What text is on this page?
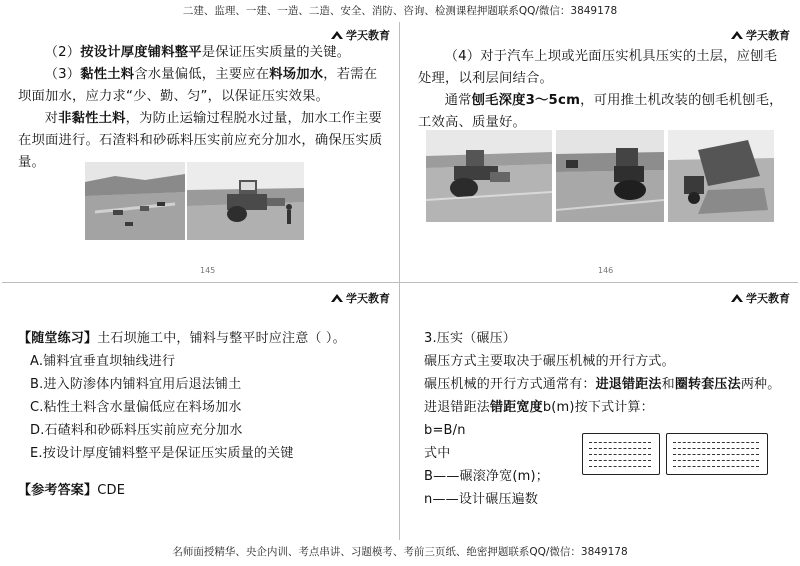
二建、监理、一建、一造、二造、安全、消防、咨询、检测课程押题联系QQ/微信：3849178
学天教育

（2）按设计厚度铺料整平是保证压实质量的关键。

（3）黏性土料含水量偏低，主要应在料场加水，若需在坝面加水，应力求“少、勤、匀”，以保证压实效果。

对非黏性土料，为防止运输过程脱水过量，加水工作主要在坝面进行。石渣料和砂砾料压实前应充分加水，确保压实质量。

145
学天教育

（4）对于汽车上坝或光面压实机具压实的土层，应刨毛处理，以利层间结合。

通常刨毛深度3～5cm，可用推土机改装的刨毛机刨毛，工效高、质量好。

146
学天教育

【随堂练习】土石坝施工中，铺料与整平时应注意（ ）。

A.铺料宜垂直坝轴线进行

B.进入防渗体内铺料宜用后退法铺土

C.粘性土料含水量偏低应在料场加水

D.石碴料和砂砾料压实前应充分加水

E.按设计厚度铺料整平是保证压实质量的关键

【参考答案】CDE

学天教育

3.压实（碾压）

碾压方式主要取决于碾压机械的开行方式。

碾压机械的开行方式通常有：进退错距法和圈转套压法两种。

进退错距法错距宽度b(m)按下式计算：

b=B/n

式中

B——碾滚净宽(m)；

n——设计碾压遍数

名师面授精华、央企内训、考点串讲、习题模考、考前三页纸、绝密押题联系QQ/微信：3849178
